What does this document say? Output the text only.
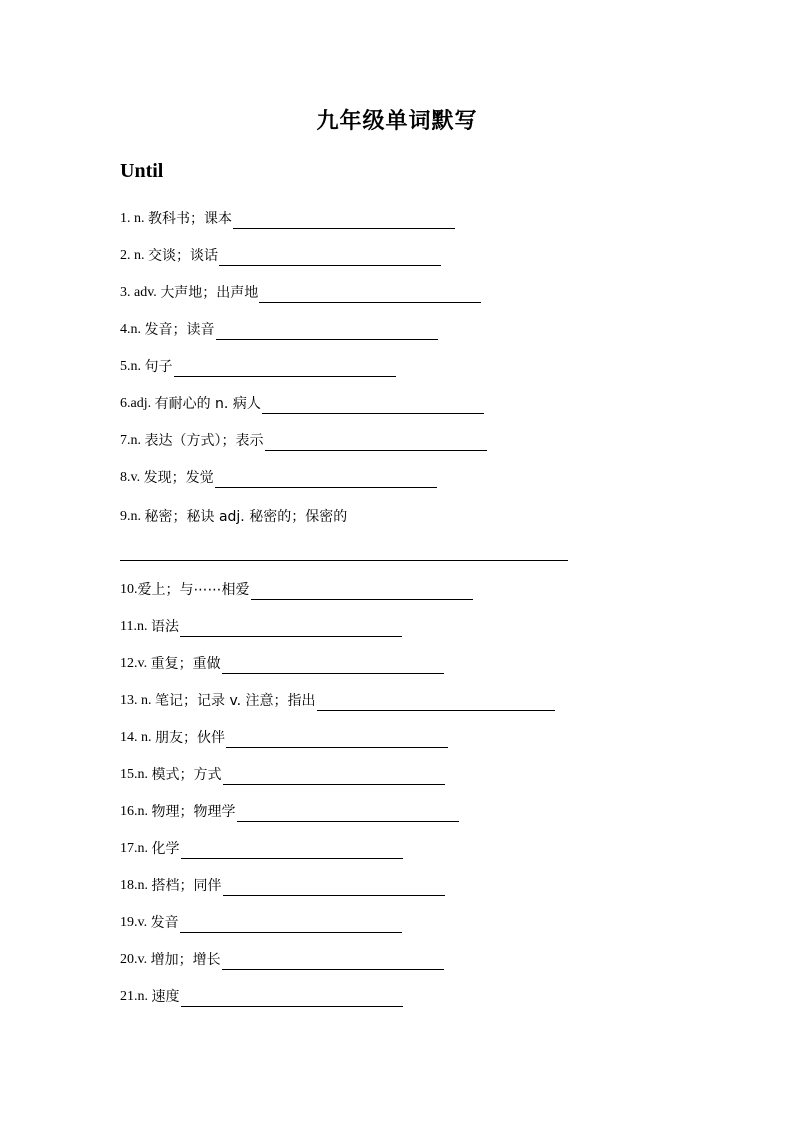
九年级单词默写
Until
1. n.
教科书；课本
2. n.
交谈；谈话
3. adv.
大声地；出声地
4.n.
发音；读音
5.n.
句子
6.adj.
有耐心的 n. 病人
7.n.
表达（方式）；表示
8.v.
发现；发觉
9.n.
秘密；秘诀 adj. 秘密的；保密的
10. 爱上；与⋯⋯相爱
11.n.
语法
12.v.
重复；重做
13. n.
笔记；记录 v. 注意；指出
14. n.
朋友；伙伴
15.n.
模式；方式
16.n.
物理；物理学
17.n.
化学
18.n.
搭档；同伴
19.v.
发音
20.v.
增加；增长
21.n.
速度
